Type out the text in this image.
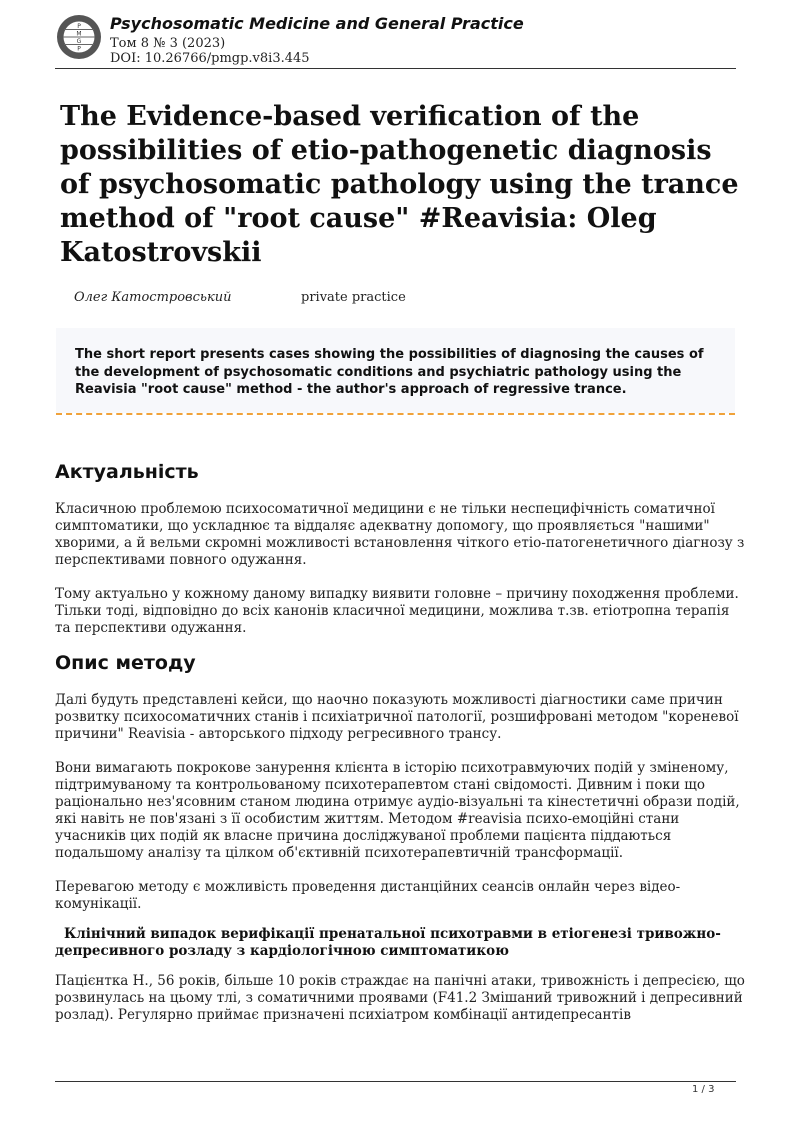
P
M
G
P
Psychosomatic Medicine and General Practice
Том 8 № 3 (2023)
DOI: 10.26766/pmgp.v8i3.445
The Evidence-based verification of the possibilities of etio-pathogenetic diagnosis of psychosomatic pathology using the trance method of "root cause" #Reavisia: Oleg Katostrovskii
Олег Катостровський	private practice

The short report presents cases showing the possibilities of diagnosing the causes of the development of psychosomatic conditions and psychiatric pathology using the Reavisia "root cause" method - the author's approach of regressive trance.

Актуальність

Класичною проблемою психосоматичної медицини є не тільки неспецифічність соматичної симптоматики, що ускладнює та віддаляє адекватну допомогу, що проявляється "нашими" хворими, а й вельми скромні можливості встановлення чіткого етіо-патогенетичного діагнозу з перспективами повного одужання.

Тому актуально у кожному даному випадку виявити головне – причину походження проблеми. Тільки тоді, відповідно до всіх канонів класичної медицини, можлива т.зв. етіотропна терапія та перспективи одужання.

Опис методу

Далі будуть представлені кейси, що наочно показують можливості діагностики саме причин розвитку психосоматичних станів і психіатричної патології, розшифровані методом "кореневої причини" Reavisia - авторського підходу регресивного трансу.

Вони вимагають покрокове занурення клієнта в історію психотравмуючих подій у зміненому, підтримуваному та контрольованому психотерапевтом стані свідомості. Дивним і поки що раціонально нез'ясовним станом людина отримує аудіо-візуальні та кінестетичні образи подій, які навіть не пов'язані з її особистим життям. Методом #reavisia психо-емоційні стани учасників цих подій як власне причина досліджуваної проблеми пацієнта піддаються подальшому аналізу та цілком об'єктивній психотерапевтичній трансформації.

Перевагою методу є можливість проведення дистанційних сеансів онлайн через відео-комунікації.

Клінічний випадок верифікації пренатальної психотравми в етіогенезі тривожно-депресивного розладу з кардіологічною симптоматикою

Пацієнтка Н., 56 років, більше 10 років страждає на панічні атаки, тривожність і депресією, що розвинулась на цьому тлі, з соматичними проявами (F41.2 Змішаний тривожний і депресивний розлад). Регулярно приймає призначені психіатром комбінації антидепресантів

1 / 3
